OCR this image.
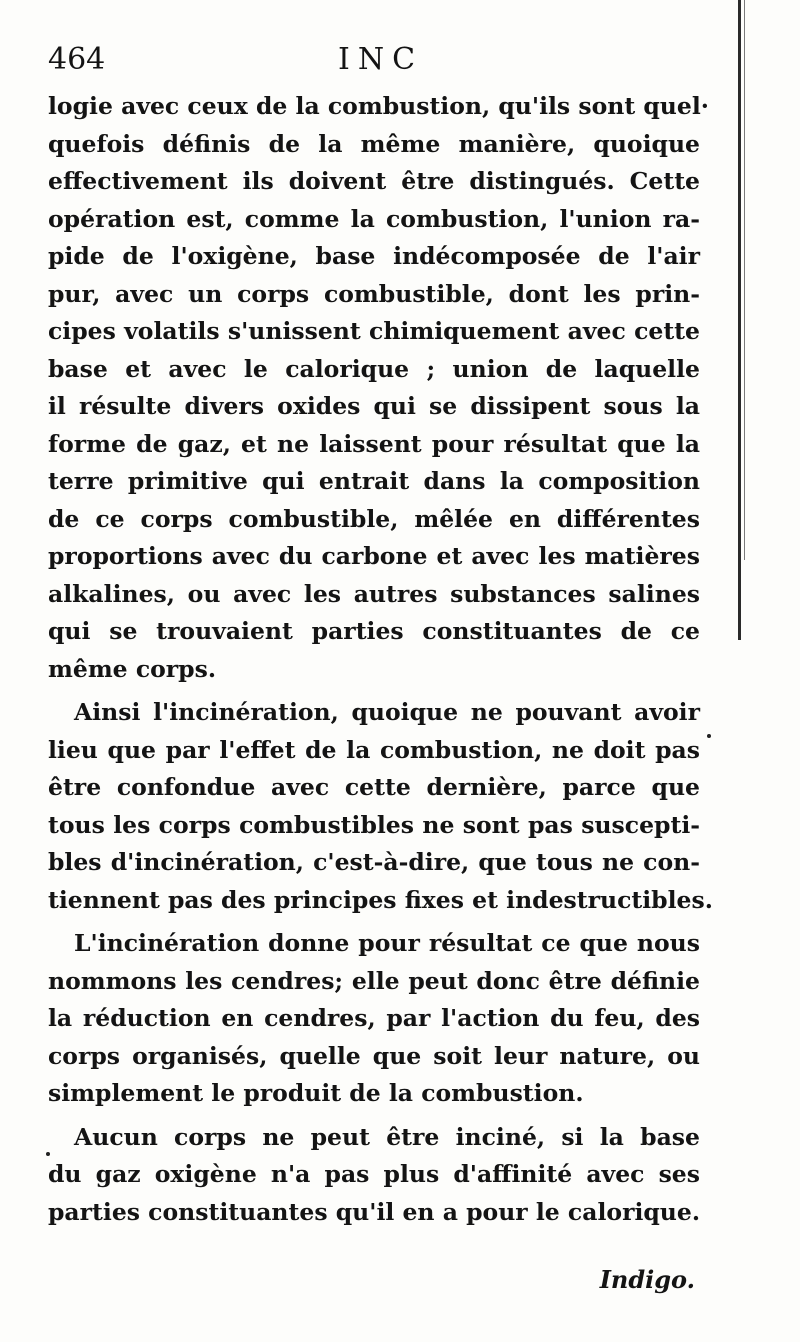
464	INC
logie avec ceux de la combustion, qu'ils sont quel·
quefois définis de la même manière, quoique
effectivement ils doivent être distingués. Cette
opération est, comme la combustion, l'union ra-
pide de l'oxigène, base indécomposée de l'air
pur, avec un corps combustible, dont les prin-
cipes volatils s'unissent chimiquement avec cette
base et avec le calorique ; union de laquelle
il résulte divers oxides qui se dissipent sous la
forme de gaz, et ne laissent pour résultat que la
terre primitive qui entrait dans la composition
de ce corps combustible, mêlée en différentes
proportions avec du carbone et avec les matières
alkalines, ou avec les autres substances salines
qui se trouvaient parties constituantes de ce
même corps.
Ainsi l'incinération, quoique ne pouvant avoir
lieu que par l'effet de la combustion, ne doit pas
être confondue avec cette dernière, parce que
tous les corps combustibles ne sont pas suscepti-
bles d'incinération, c'est-à-dire, que tous ne con-
tiennent pas des principes fixes et indestructibles.
L'incinération donne pour résultat ce que nous
nommons les cendres; elle peut donc être définie
la réduction en cendres, par l'action du feu, des
corps organisés, quelle que soit leur nature, ou
simplement le produit de la combustion.
Aucun corps ne peut être inciné, si la base
du gaz oxigène n'a pas plus d'affinité avec ses
parties constituantes qu'il en a pour le calorique.
Indigo.
